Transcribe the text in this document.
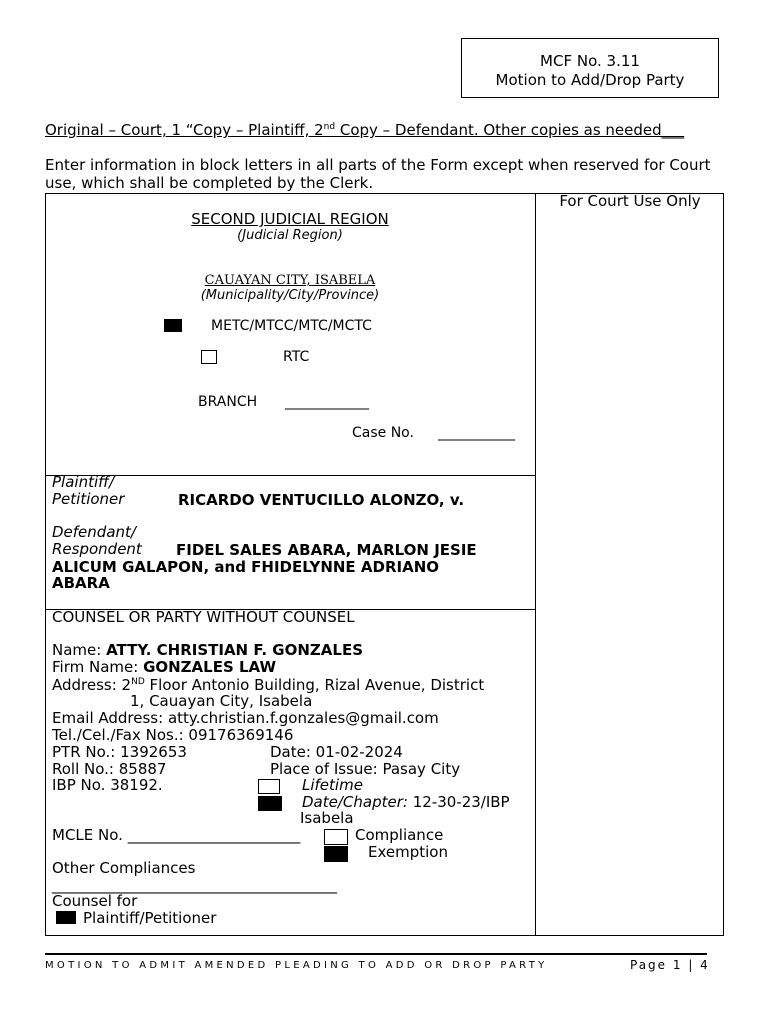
MCF No. 3.11
Motion to Add/Drop Party
Original – Court, 1 “Copy – Plaintiff, 2nd Copy – Defendant. Other copies as needed___
Enter information in block letters in all parts of the Form except when reserved for Court use, which shall be completed by the Clerk.
For Court Use Only
SECOND JUDICIAL REGION
(Judicial Region)
CAUAYAN CITY, ISABELA
(Municipality/City/Province)
METC/MTCC/MTC/MCTC
RTC
BRANCH ____________
Case No. ___________
Plaintiff/
Petitioner	RICARDO VENTUCILLO ALONZO, v.
Defendant/
Respondent FIDEL SALES ABARA, MARLON JESIE
ALICUM GALAPON, and FHIDELYNNE ADRIANO
ABARA
COUNSEL OR PARTY WITHOUT COUNSEL
Name: ATTY. CHRISTIAN F. GONZALES
Firm Name: GONZALES LAW
Address: 2ND Floor Antonio Building, Rizal Avenue, District
1, Cauayan City, Isabela
Email Address: atty.christian.f.gonzales@gmail.com
Tel./Cel./Fax Nos.: 09176369146
PTR No.: 1392653	Date: 01-02-2024
Roll No.: 85887	Place of Issue: Pasay City
IBP No. 38192.	Lifetime
Date/Chapter: 12-30-23/IBP
Isabela
MCLE No. _______________________	Compliance
Exemption
Other Compliances
______________________________________
Counsel for
Plaintiff/Petitioner
MOTION TO ADMIT AMENDED PLEADING TO ADD OR DROP PARTY	Page 1 | 4
